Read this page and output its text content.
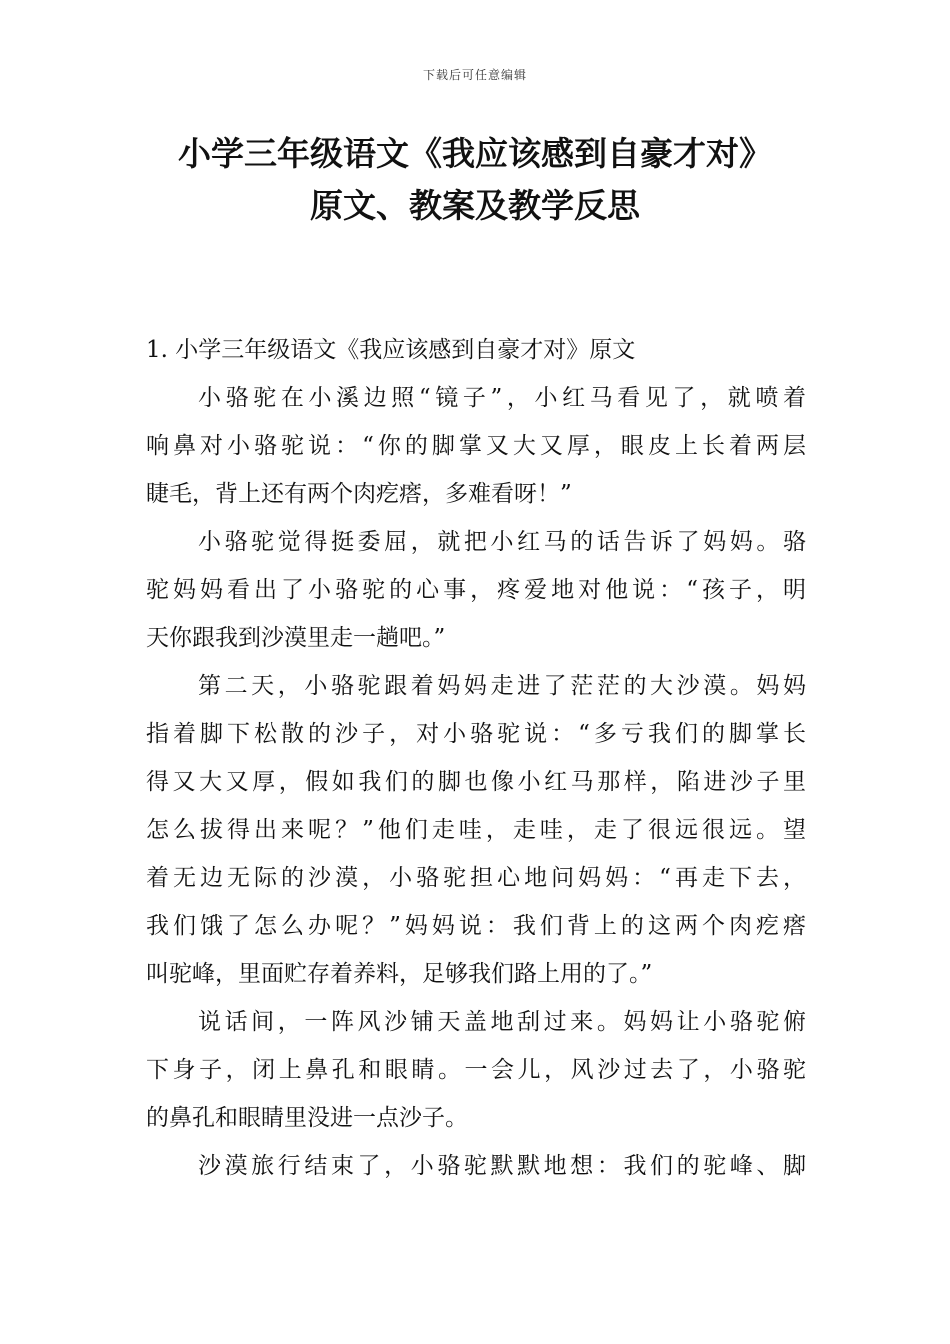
下载后可任意编辑
小学三年级语文《我应该感到自豪才对》
原文、教案及教学反思
1. 小学三年级语文《我应该感到自豪才对》原文
小骆驼在小溪边照“镜子”，小红马看见了，就喷着
响鼻对小骆驼说：“你的脚掌又大又厚，眼皮上长着两层
睫毛，背上还有两个肉疙瘩，多难看呀！”
小骆驼觉得挺委屈，就把小红马的话告诉了妈妈。骆
驼妈妈看出了小骆驼的心事，疼爱地对他说：“孩子，明
天你跟我到沙漠里走一趟吧。”
第二天，小骆驼跟着妈妈走进了茫茫的大沙漠。妈妈
指着脚下松散的沙子，对小骆驼说：“多亏我们的脚掌长
得又大又厚，假如我们的脚也像小红马那样，陷进沙子里
怎么拔得出来呢？”他们走哇，走哇，走了很远很远。望
着无边无际的沙漠，小骆驼担心地问妈妈：“再走下去，
我们饿了怎么办呢？”妈妈说：我们背上的这两个肉疙瘩
叫驼峰，里面贮存着养料，足够我们路上用的了。”
说话间，一阵风沙铺天盖地刮过来。妈妈让小骆驼俯
下身子，闭上鼻孔和眼睛。一会儿，风沙过去了，小骆驼
的鼻孔和眼睛里没进一点沙子。
沙漠旅行结束了，小骆驼默默地想：我们的驼峰、脚
